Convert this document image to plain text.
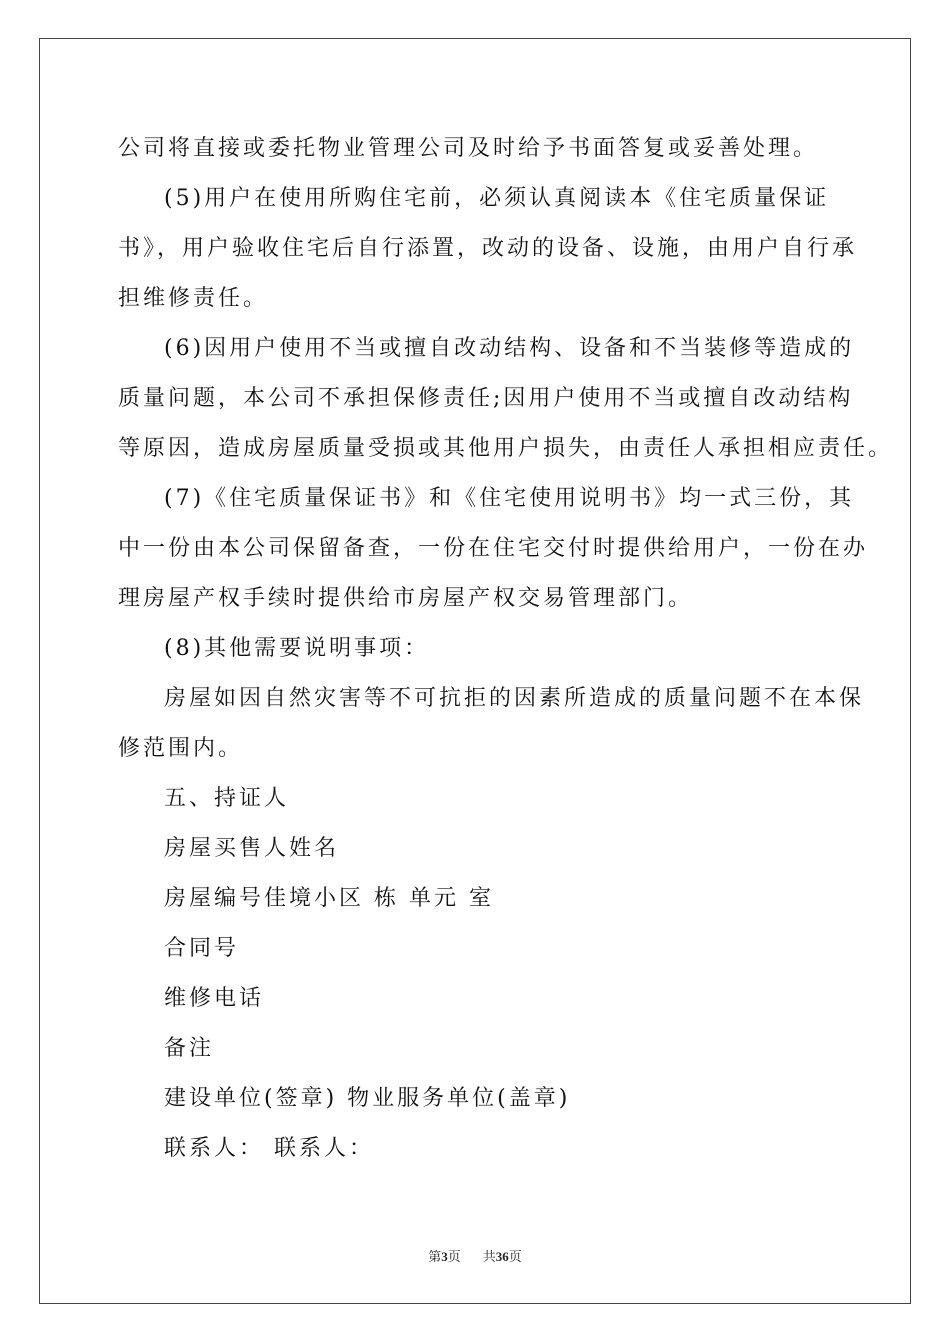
公司将直接或委托物业管理公司及时给予书面答复或妥善处理。
(5)用户在使用所购住宅前，必须认真阅读本《住宅质量保证
书》，用户验收住宅后自行添置，改动的设备、设施，由用户自行承
担维修责任。
(6)因用户使用不当或擅自改动结构、设备和不当装修等造成的
质量问题，本公司不承担保修责任;因用户使用不当或擅自改动结构
等原因，造成房屋质量受损或其他用户损失，由责任人承担相应责任。
(7)《住宅质量保证书》和《住宅使用说明书》均一式三份，其
中一份由本公司保留备查，一份在住宅交付时提供给用户，一份在办
理房屋产权手续时提供给市房屋产权交易管理部门。
(8)其他需要说明事项：
房屋如因自然灾害等不可抗拒的因素所造成的质量问题不在本保
修范围内。
五、持证人
房屋买售人姓名
房屋编号佳境小区 栋 单元 室
合同号
维修电话
备注
建设单位(签章) 物业服务单位(盖章)
联系人： 联系人：
第3页 共36页
